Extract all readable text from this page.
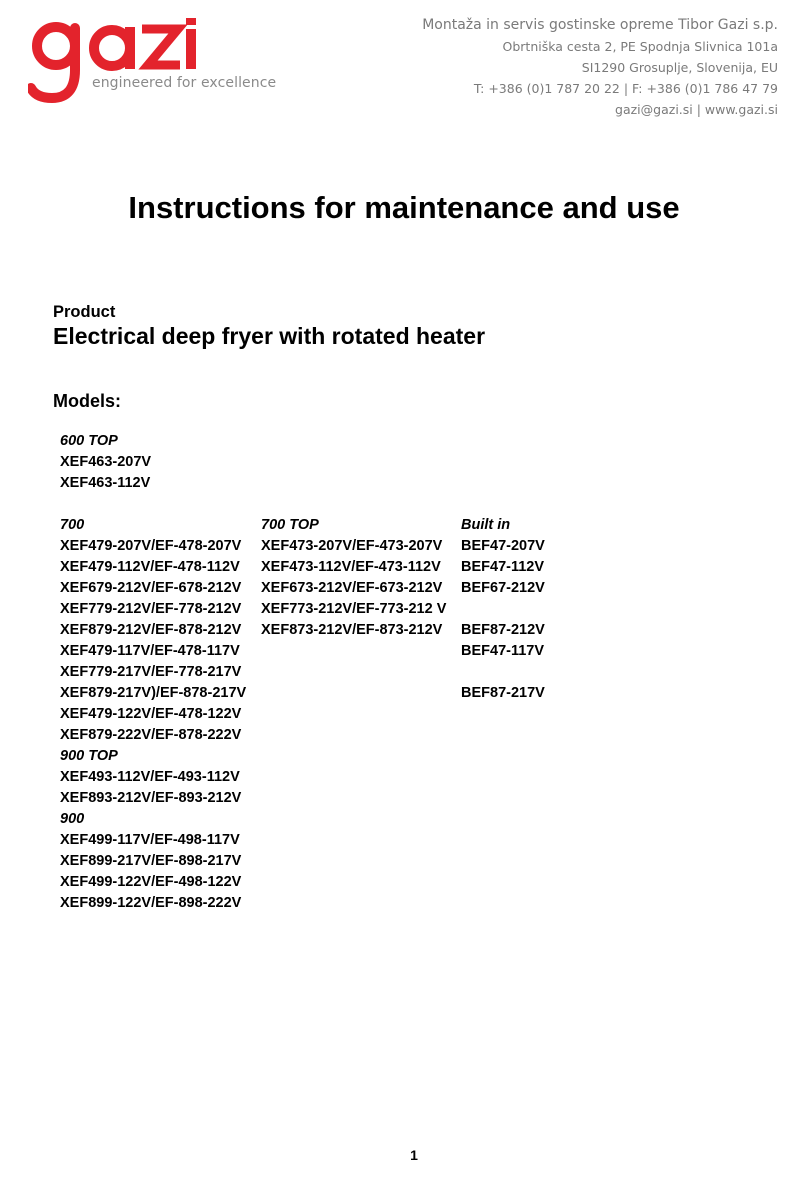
engineered for excellence
Montaža in servis gostinske opreme Tibor Gazi s.p.
Obrtniška cesta 2, PE Spodnja Slivnica 101a
SI1290 Grosuplje, Slovenija, EU
T: +386 (0)1 787 20 22 | F: +386 (0)1 786 47 79
gazi@gazi.si | www.gazi.si
Instructions for maintenance and use
Product
Electrical deep fryer with rotated heater
Models:
600 TOP
XEF463-207V
XEF463-112V
700
XEF479-207V/EF-478-207V
XEF479-112V/EF-478-112V
XEF679-212V/EF-678-212V
XEF779-212V/EF-778-212V
XEF879-212V/EF-878-212V
XEF479-117V/EF-478-117V
XEF779-217V/EF-778-217V
XEF879-217V)/EF-878-217V
XEF479-122V/EF-478-122V
XEF879-222V/EF-878-222V
900 TOP
XEF493-112V/EF-493-112V
XEF893-212V/EF-893-212V
900
XEF499-117V/EF-498-117V
XEF899-217V/EF-898-217V
XEF499-122V/EF-498-122V
XEF899-122V/EF-898-222V
700 TOP
XEF473-207V/EF-473-207V
XEF473-112V/EF-473-112V
XEF673-212V/EF-673-212V
XEF773-212V/EF-773-212 V
XEF873-212V/EF-873-212V
Built in
BEF47-207V
BEF47-112V
BEF67-212V
BEF87-212V
BEF47-117V
BEF87-217V
1
